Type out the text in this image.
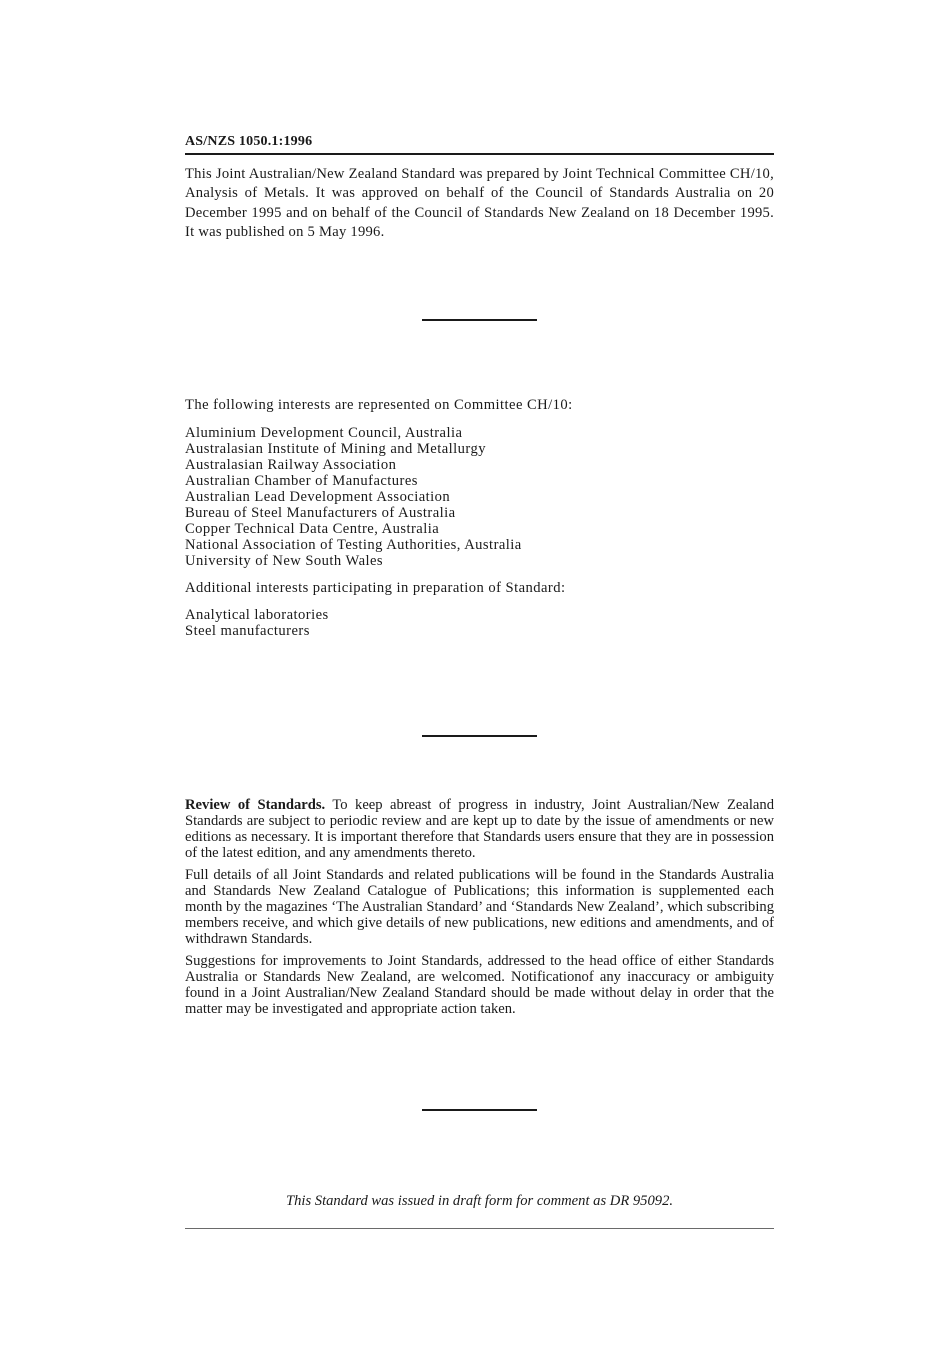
AS/NZS 1050.1:1996

This Joint Australian/New Zealand Standard was prepared by Joint Technical Committee CH/10, Analysis of Metals. It was approved on behalf of the Council of Standards Australia on 20 December 1995 and on behalf of the Council of Standards New Zealand on 18 December 1995. It was published on 5 May 1996.

The following interests are represented on Committee CH/10:

Aluminium Development Council, Australia
Australasian Institute of Mining and Metallurgy
Australasian Railway Association
Australian Chamber of Manufactures
Australian Lead Development Association
Bureau of Steel Manufacturers of Australia
Copper Technical Data Centre, Australia
National Association of Testing Authorities, Australia
University of New South Wales

Additional interests participating in preparation of Standard:

Analytical laboratories
Steel manufacturers

Review of Standards. To keep abreast of progress in industry, Joint Australian/New Zealand Standards are subject to periodic review and are kept up to date by the issue of amendments or new editions as necessary. It is important therefore that Standards users ensure that they are in possession of the latest edition, and any amendments thereto.

Full details of all Joint Standards and related publications will be found in the Standards Australia and Standards New Zealand Catalogue of Publications; this information is supplemented each month by the magazines ‘The Australian Standard’ and ‘Standards New Zealand’, which subscribing members receive, and which give details of new publications, new editions and amendments, and of withdrawn Standards.

Suggestions for improvements to Joint Standards, addressed to the head office of either Standards Australia or Standards New Zealand, are welcomed. Notificationof any inaccuracy or ambiguity found in a Joint Australian/New Zealand Standard should be made without delay in order that the matter may be investigated and appropriate action taken.

This Standard was issued in draft form for comment as DR 95092.
